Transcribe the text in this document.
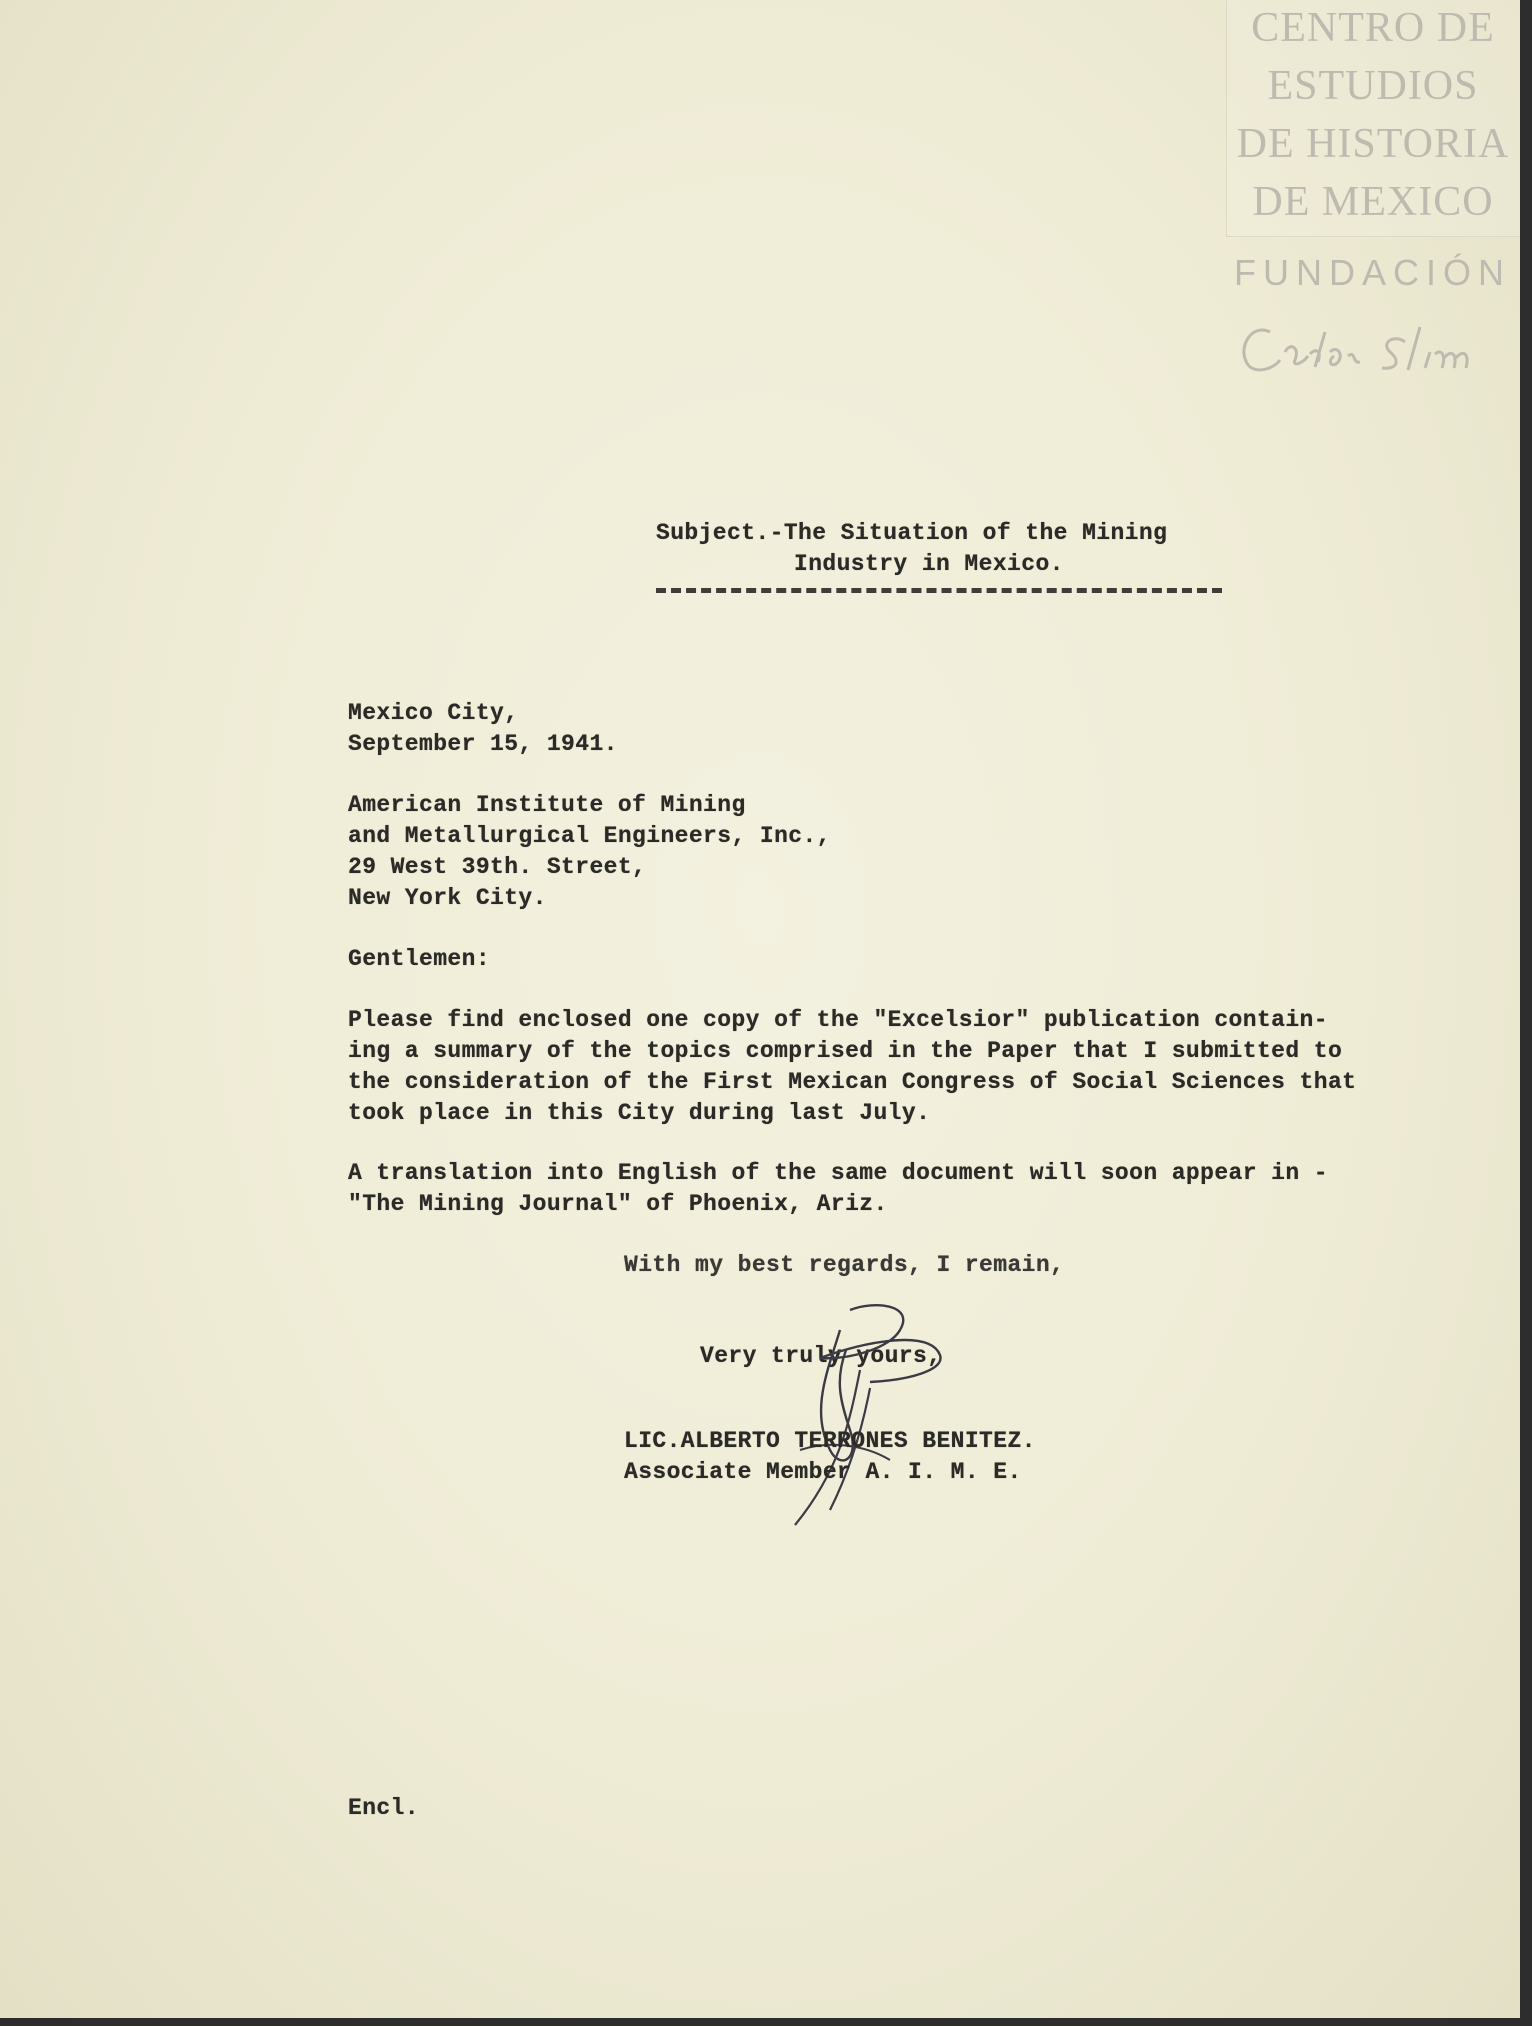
CENTRO DE
ESTUDIOS
DE HISTORIA
DE MEXICO
FUNDACIÓN
Subject.-The Situation of the Mining
Industry in Mexico.
Mexico City,
September 15, 1941.
American Institute of Mining
and Metallurgical Engineers, Inc.,
29 West 39th. Street,
New York City.
Gentlemen:
Please find enclosed one copy of the "Excelsior" publication contain-
ing a summary of the topics comprised in the Paper that I submitted to
the consideration of the First Mexican Congress of Social Sciences that
took place in this City during last July.
A translation into English of the same document will soon appear in -
"The Mining Journal" of Phoenix, Ariz.
With my best regards, I remain,
Very truly yours,
LIC.ALBERTO TERRONES BENITEZ.
Associate Member A. I. M. E.
Encl.
